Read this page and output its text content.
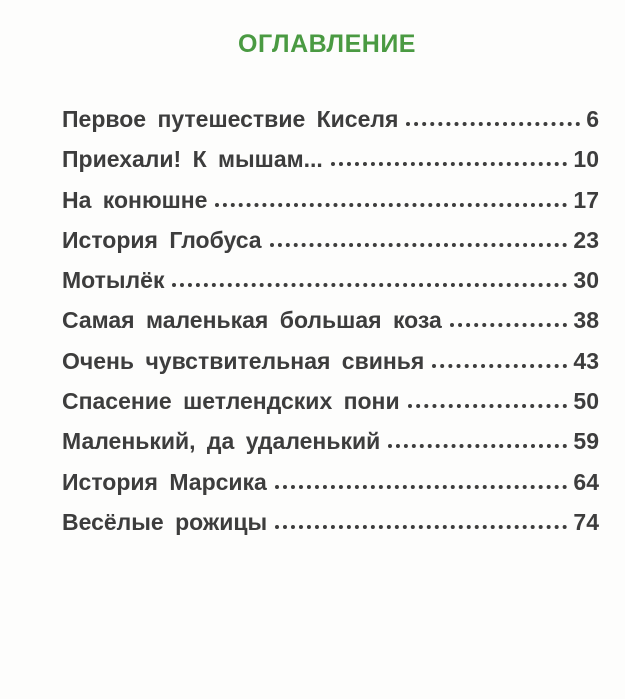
ОГЛАВЛЕНИЕ
Первое путешествие Киселя	6
Приехали! К мышам...	10
На конюшне	17
История Глобуса	23
Мотылёк	30
Самая маленькая большая коза	38
Очень чувствительная свинья	43
Спасение шетлендских пони	50
Маленький, да удаленький	59
История Марсика	64
Весёлые рожицы	74
